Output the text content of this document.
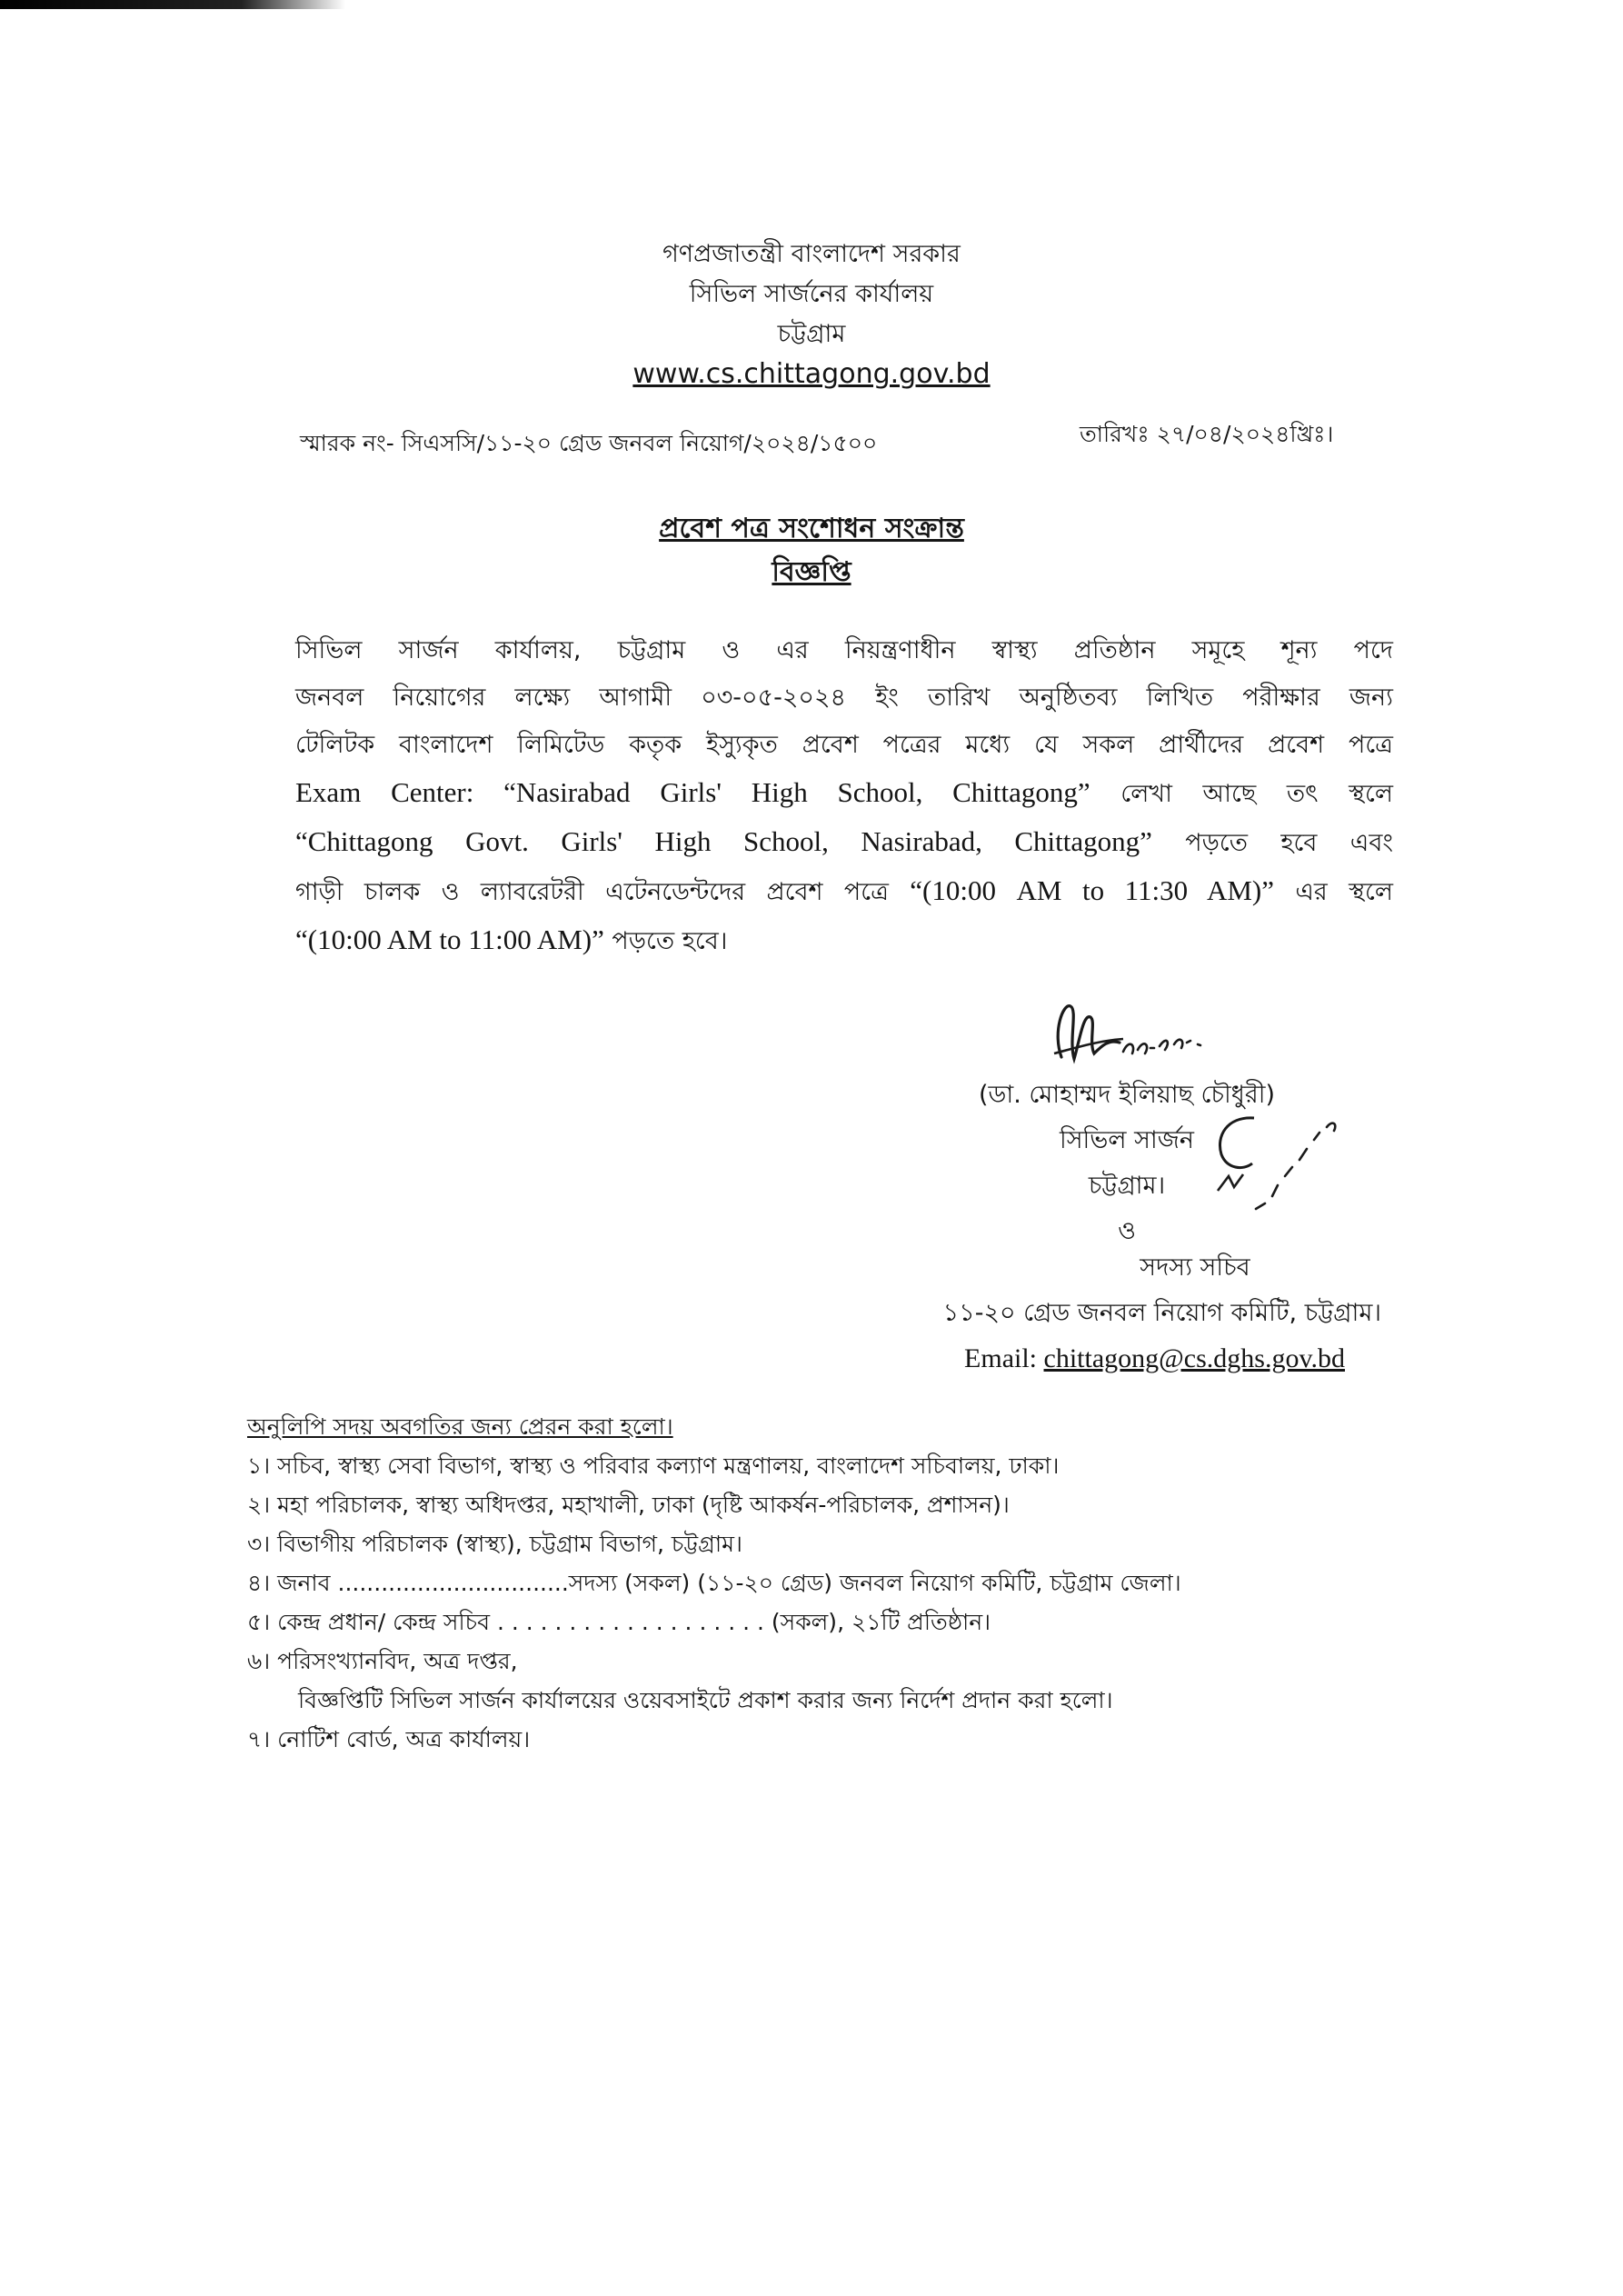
গণপ্রজাতন্ত্রী বাংলাদেশ সরকার
সিভিল সার্জনের কার্যালয়
চট্টগ্রাম
www.cs.chittagong.gov.bd
স্মারক নং- সিএসসি/১১-২০ গ্রেড জনবল নিয়োগ/২০২৪/১৫০০	তারিখঃ ২৭/০৪/২০২৪খ্রিঃ।
প্রবেশ পত্র সংশোধন সংক্রান্ত
বিজ্ঞপ্তি
সিভিল সার্জন কার্যালয়, চট্টগ্রাম ও এর নিয়ন্ত্রণাধীন স্বাস্থ্য প্রতিষ্ঠান সমূহে শূন্য পদে
জনবল নিয়োগের লক্ষ্যে আগামী ০৩-০৫-২০২৪ ইং তারিখ অনুষ্ঠিতব্য লিখিত পরীক্ষার জন্য
টেলিটক বাংলাদেশ লিমিটেড কতৃক ইস্যুকৃত প্রবেশ পত্রের মধ্যে যে সকল প্রার্থীদের প্রবেশ পত্রে
Exam Center: “Nasirabad Girls' High School, Chittagong” লেখা আছে তৎ স্থলে
“Chittagong Govt. Girls' High School, Nasirabad, Chittagong” পড়তে হবে এবং
গাড়ী চালক ও ল্যাবরেটরী এটেনডেন্টদের প্রবেশ পত্রে “(10:00 AM to 11:30 AM)” এর স্থলে
“(10:00 AM to 11:00 AM)” পড়তে হবে।
(ডা. মোহাম্মদ ইলিয়াছ চৌধুরী)
সিভিল সার্জন
চট্টগ্রাম।
ও
সদস্য সচিব
১১-২০ গ্রেড জনবল নিয়োগ কমিটি, চট্টগ্রাম।
Email: chittagong@cs.dghs.gov.bd
অনুলিপি সদয় অবগতির জন্য প্রেরন করা হলো।
১। সচিব, স্বাস্থ্য সেবা বিভাগ, স্বাস্থ্য ও পরিবার কল্যাণ মন্ত্রণালয়, বাংলাদেশ সচিবালয়, ঢাকা।
২। মহা পরিচালক, স্বাস্থ্য অধিদপ্তর, মহাখালী, ঢাকা (দৃষ্টি আকর্ষন-পরিচালক, প্রশাসন)।
৩। বিভাগীয় পরিচালক (স্বাস্থ্য), চট্টগ্রাম বিভাগ, চট্টগ্রাম।
৪। জনাব ................................সদস্য (সকল) (১১-২০ গ্রেড) জনবল নিয়োগ কমিটি, চট্টগ্রাম জেলা।
৫। কেন্দ্র প্রধান/ কেন্দ্র সচিব . . . . . . . . . . . . . . . . . . . (সকল), ২১টি প্রতিষ্ঠান।
৬। পরিসংখ্যানবিদ, অত্র দপ্তর,
বিজ্ঞপ্তিটি সিভিল সার্জন কার্যালয়ের ওয়েবসাইটে প্রকাশ করার জন্য নির্দেশ প্রদান করা হলো।
৭। নোটিশ বোর্ড, অত্র কার্যালয়।
